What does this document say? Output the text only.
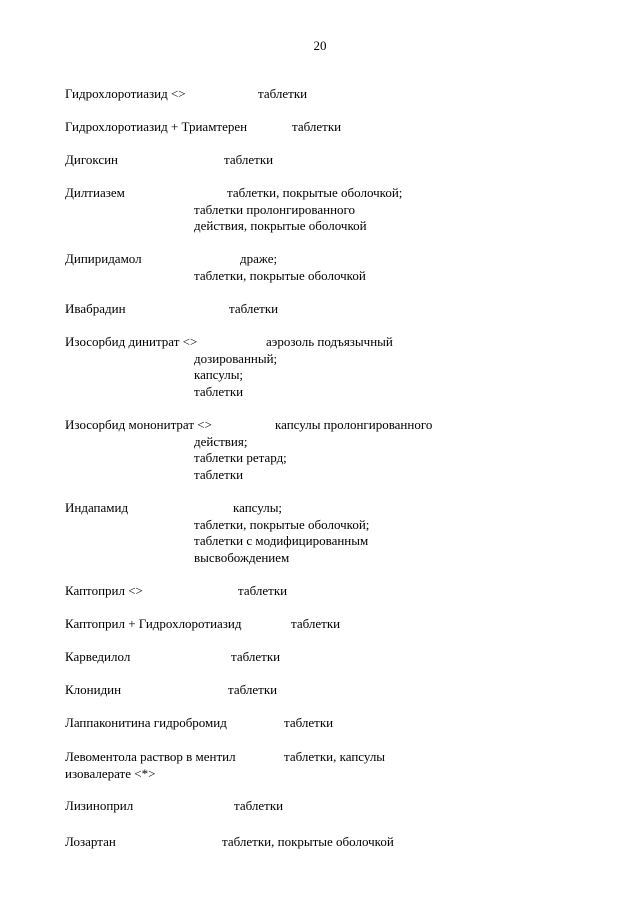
20
Гидрохлоротиазид <>	таблетки
Гидрохлоротиазид + Триамтерен	таблетки
Дигоксин	таблетки
Дилтиазем	таблетки, покрытые оболочкой;
таблетки пролонгированного
действия, покрытые оболочкой
Дипиридамол	драже;
таблетки, покрытые оболочкой
Ивабрадин	таблетки
Изосорбид динитрат <>	аэрозоль подъязычный
дозированный;
капсулы;
таблетки
Изосорбид мононитрат <>	капсулы пролонгированного
действия;
таблетки ретард;
таблетки
Индапамид	капсулы;
таблетки, покрытые оболочкой;
таблетки с модифицированным
высвобождением
Каптоприл <>	таблетки
Каптоприл + Гидрохлоротиазид	таблетки
Карведилол	таблетки
Клонидин	таблетки
Лаппаконитина гидробромид	таблетки
Левоментола раствор в ментил	таблетки, капсулы
изовалерате <*>
Лизиноприл	таблетки
Лозартан	таблетки, покрытые оболочкой
